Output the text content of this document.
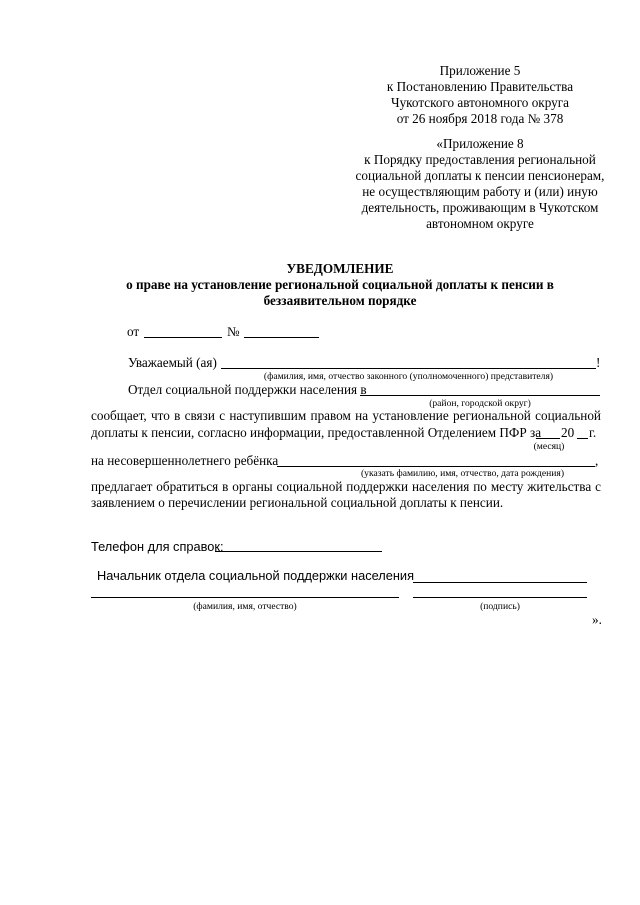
Приложение 5
к Постановлению Правительства
Чукотского автономного округа
от 26 ноября 2018 года № 378
«Приложение 8
к Порядку предоставления региональной
социальной доплаты к пенсии пенсионерам,
не осуществляющим работу и (или) иную
деятельность, проживающим в Чукотском
автономном округе
УВЕДОМЛЕНИЕ
о праве на установление региональной социальной доплаты к пенсии в
беззаявительном порядке
от	№
Уважаемый (ая)	!
(фамилия, имя, отчество законного (уполномоченного) представителя)
Отдел социальной поддержки населения в
(район, городской округ)
сообщает, что в связи с наступившим правом на установление региональной социальной
доплаты к пенсии, согласно информации, предоставленной Отделением ПФР за 20 г.
(месяц)
на несовершеннолетнего ребёнка	,
(указать фамилию, имя, отчество, дата рождения)
предлагает обратиться в органы социальной поддержки населения по месту жительства с
заявлением о перечислении региональной социальной доплаты к пенсии.
Телефон для справок:
Начальник отдела социальной поддержки населения
(фамилия, имя, отчество)	(подпись)
».
